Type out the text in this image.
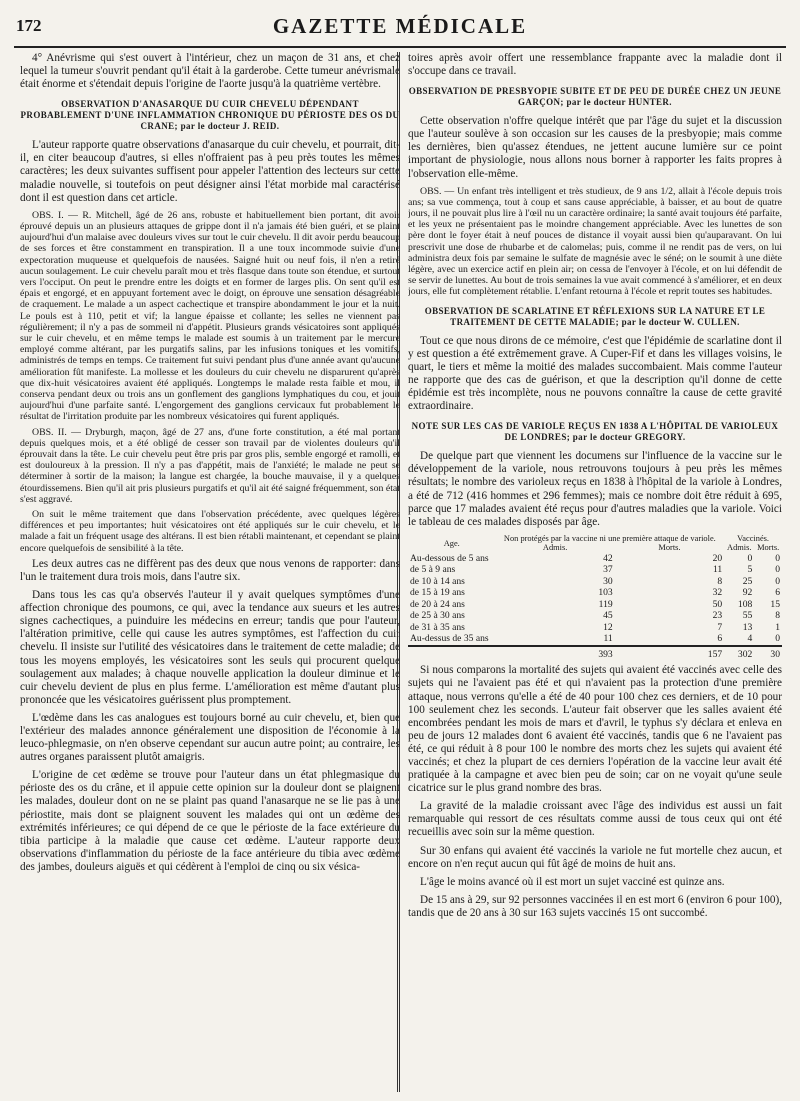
172	GAZETTE MÉDICALE

4° Anévrisme qui s'est ouvert à l'intérieur, chez un maçon de 31 ans, et chez lequel la tumeur s'ouvrit pendant qu'il était à la garderobe. Cette tumeur anévrismale était énorme et s'étendait depuis l'origine de l'aorte jusqu'à la quatrième vertèbre.

OBSERVATION D'ANASARQUE DU CUIR CHEVELU DÉPENDANT PROBABLEMENT D'UNE INFLAMMATION CHRONIQUE DU PÉRIOSTE DES OS DU CRANE; par le docteur J. REID.

L'auteur rapporte quatre observations d'anasarque du cuir chevelu, et pourrait, dit-il, en citer beaucoup d'autres, si elles n'offraient pas à peu près toutes les mêmes caractères; les deux suivantes suffisent pour appeler l'attention des lecteurs sur cette maladie nouvelle, si toutefois on peut désigner ainsi l'état morbide mal caractérisé dont il est question dans cet article.

OBS. I. — R. Mitchell, âgé de 26 ans, robuste et habituellement bien portant, dit avoir éprouvé depuis un an plusieurs attaques de grippe dont il n'a jamais été bien guéri, et se plaint aujourd'hui d'un malaise avec douleurs vives sur tout le cuir chevelu. Il dit avoir perdu beaucoup de ses forces et être constamment en transpiration. Il a une toux incommode suivie d'une expectoration muqueuse et quelquefois de nausées. Saigné huit ou neuf fois, il n'en a retiré aucun soulagement. Le cuir chevelu paraît mou et très flasque dans toute son étendue, et surtout vers l'occiput. On peut le prendre entre les doigts et en former de larges plis. On sent qu'il est épais et engorgé, et en appuyant fortement avec le doigt, on éprouve une sensation désagréable de craquement. Le malade a un aspect cachectique et transpire abondamment le jour et la nuit. Le pouls est à 110, petit et vif; la langue épaisse et collante; les selles ne viennent pas régulièrement; il n'y a pas de sommeil ni d'appétit. Plusieurs grands vésicatoires sont appliqués sur le cuir chevelu, et en même temps le malade est soumis à un traitement par le mercure employé comme altérant, par les purgatifs salins, par les infusions toniques et les vomitifs, administrés de temps en temps. Ce traitement fut suivi pendant plus d'une année avant qu'aucune amélioration fût manifeste. La mollesse et les douleurs du cuir chevelu ne disparurent qu'après que dix-huit vésicatoires avaient été appliqués. Longtemps le malade resta faible et mou, il conserva pendant deux ou trois ans un gonflement des ganglions lymphatiques du cou, et jouit aujourd'hui d'une parfaite santé. L'engorgement des ganglions cervicaux fut probablement le résultat de l'irritation produite par les nombreux vésicatoires qui furent appliqués.

OBS. II. — Dryburgh, maçon, âgé de 27 ans, d'une forte constitution, a été mal portant depuis quelques mois, et a été obligé de cesser son travail par de violentes douleurs qu'il éprouvait dans la tête. Le cuir chevelu peut être pris par gros plis, semble engorgé et ramolli, et est douloureux à la pression. Il n'y a pas d'appétit, mais de l'anxiété; le malade ne peut se déterminer à sortir de la maison; la langue est chargée, la bouche mauvaise, il y a quelques étourdissemens. Bien qu'il ait pris plusieurs purgatifs et qu'il ait été saigné fréquemment, son état s'est aggravé.

On suit le même traitement que dans l'observation précédente, avec quelques légères différences et peu importantes; huit vésicatoires ont été appliqués sur le cuir chevelu, et le malade a fait un fréquent usage des altérans. Il est bien rétabli maintenant, et cependant se plaint encore quelquefois de sensibilité à la tête.

Les deux autres cas ne diffèrent pas des deux que nous venons de rapporter: dans l'un le traitement dura trois mois, dans l'autre six.

Dans tous les cas qu'a observés l'auteur il y avait quelques symptômes d'une affection chronique des poumons, ce qui, avec la tendance aux sueurs et les autres signes cachectiques, a puinduire les médecins en erreur; tandis que pour l'auteur, l'altération primitive, celle qui cause les autres symptômes, est l'affection du cuir chevelu. Il insiste sur l'utilité des vésicatoires dans le traitement de cette maladie; de tous les moyens employés, les vésicatoires sont les seuls qui procurent quelque soulagement aux malades; à chaque nouvelle application la douleur diminue et le cuir chevelu devient de plus en plus ferme. L'amélioration est même d'autant plus prononcée que les vésicatoires guérissent plus promptement.

L'œdème dans les cas analogues est toujours borné au cuir chevelu, et, bien que l'extérieur des malades annonce généralement une disposition de l'économie à la leuco-phlegmasie, on n'en observe cependant sur aucun autre point; au contraire, les autres organes paraissent plutôt amaigris.

L'origine de cet œdème se trouve pour l'auteur dans un état phlegmasique du périoste des os du crâne, et il appuie cette opinion sur la douleur dont se plaignent les malades, douleur dont on ne se plaint pas quand l'anasarque ne se lie pas à une périostite, mais dont se plaignent souvent les malades qui ont un œdème des extrémités inférieures; ce qui dépend de ce que le périoste de la face extérieure du tibia participe à la maladie que cause cet œdème. L'auteur rapporte deux observations d'inflammation du périoste de la face antérieure du tibia avec œdème des jambes, douleurs aiguës et qui cédèrent à l'emploi de cinq ou six vésica-

toires après avoir offert une ressemblance frappante avec la maladie dont il s'occupe dans ce travail.

OBSERVATION DE PRESBYOPIE SUBITE ET DE PEU DE DURÉE CHEZ UN JEUNE GARÇON; par le docteur HUNTER.

Cette observation n'offre quelque intérêt que par l'âge du sujet et la discussion que l'auteur soulève à son occasion sur les causes de la presbyopie; mais comme les dernières, bien qu'assez étendues, ne jettent aucune lumière sur ce point important de physiologie, nous allons nous borner à rapporter les faits propres à l'observation elle-même.

OBS. — Un enfant très intelligent et très studieux, de 9 ans 1/2, allait à l'école depuis trois ans; sa vue commença, tout à coup et sans cause appréciable, à baisser, et au bout de quatre jours, il ne pouvait plus lire à l'œil nu un caractère ordinaire; la santé avait toujours été parfaite, et les yeux ne présentaient pas le moindre changement appréciable. Avec les lunettes de son père dont le foyer était à neuf pouces de distance il voyait aussi bien qu'auparavant. On lui prescrivit une dose de rhubarbe et de calomelas; puis, comme il ne rendit pas de vers, on lui administra deux fois par semaine le sulfate de magnésie avec le séné; on le soumit à une diète légère, avec un exercice actif en plein air; on cessa de l'envoyer à l'école, et on lui défendit de se servir de lunettes. Au bout de trois semaines la vue avait commencé à s'améliorer, et en deux jours, elle fut complètement rétablie. L'enfant retourna à l'école et reprit toutes ses habitudes.

OBSERVATION DE SCARLATINE ET RÉFLEXIONS SUR LA NATURE ET LE TRAITEMENT DE CETTE MALADIE; par le docteur W. CULLEN.

Tout ce que nous dirons de ce mémoire, c'est que l'épidémie de scarlatine dont il y est question a été extrêmement grave. A Cuper-Fif et dans les villages voisins, le quart, le tiers et même la moitié des malades succombaient. Mais comme l'auteur ne rapporte que des cas de guérison, et que la description qu'il donne de cette épidémie est très incomplète, nous ne pouvons connaître la cause de cette gravité extraordinaire.

NOTE SUR LES CAS DE VARIOLE REÇUS EN 1838 A L'HÔPITAL DE VARIOLEUX DE LONDRES; par le docteur GREGORY.

De quelque part que viennent les documens sur l'influence de la vaccine sur le développement de la variole, nous retrouvons toujours à peu près les mêmes résultats; le nombre des varioleux reçus en 1838 à l'hôpital de la variole à Londres, a été de 712 (416 hommes et 296 femmes); mais ce nombre doit être réduit à 695, parce que 17 malades avaient été reçus pour d'autres maladies que la variole. Voici le tableau de ces malades disposés par âge.

Age.	Non protégés par la vaccine ni une première attaque de variole.		Vaccinés.	
	Admis.	Morts.	Admis.	Morts.
Au-dessous de 5 ans	42	20	0	0
de 5 à 9 ans	37	11	5	0
de 10 à 14 ans	30	8	25	0
de 15 à 19 ans	103	32	92	6
de 20 à 24 ans	119	50	108	15
de 25 à 30 ans	45	23	55	8
de 31 à 35 ans	12	7	13	1
Au-dessus de 35 ans	11	6	4	0
	393	157	302	30

Si nous comparons la mortalité des sujets qui avaient été vaccinés avec celle des sujets qui ne l'avaient pas été et qui n'avaient pas la protection d'une première attaque, nous verrons qu'elle a été de 40 pour 100 chez ces derniers, et de 10 pour 100 seulement chez les seconds. L'auteur fait observer que les salles avaient été encombrées pendant les mois de mars et d'avril, le typhus s'y déclara et enleva en peu de jours 12 malades dont 6 avaient été vaccinés, tandis que 6 ne l'avaient pas été, ce qui réduit à 8 pour 100 le nombre des morts chez les sujets qui avaient été vaccinés; et chez la plupart de ces derniers l'opération de la vaccine leur avait été pratiquée à la campagne et avec bien peu de soin; car on ne voyait qu'une seule cicatrice sur le plus grand nombre des bras.

La gravité de la maladie croissant avec l'âge des individus est aussi un fait remarquable qui ressort de ces résultats comme aussi de tous ceux qui ont été recueillis avec soin sur la même question.

Sur 30 enfans qui avaient été vaccinés la variole ne fut mortelle chez aucun, et encore on n'en reçut aucun qui fût âgé de moins de huit ans.

L'âge le moins avancé où il est mort un sujet vacciné est quinze ans.

De 15 ans à 29, sur 92 personnes vaccinées il en est mort 6 (environ 6 pour 100), tandis que de 20 ans à 30 sur 163 sujets vaccinés 15 ont succombé.
